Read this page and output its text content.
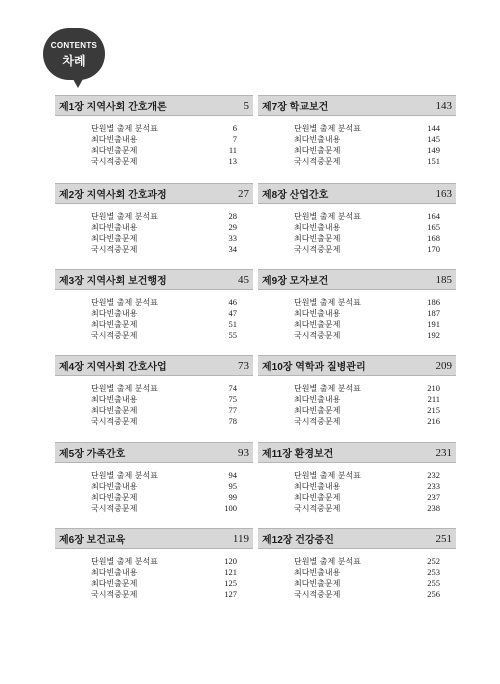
CONTENTS
차례
제1장 지역사회 간호개론	5
단원별 출제 분석표	6
최다빈출내용	7
최다빈출문제	11
국시적중문제	13
제2장 지역사회 간호과정	27
단원별 출제 분석표	28
최다빈출내용	29
최다빈출문제	33
국시적중문제	34
제3장 지역사회 보건행정	45
단원별 출제 분석표	46
최다빈출내용	47
최다빈출문제	51
국시적중문제	55
제4장 지역사회 간호사업	73
단원별 출제 분석표	74
최다빈출내용	75
최다빈출문제	77
국시적중문제	78
제5장 가족간호	93
단원별 출제 분석표	94
최다빈출내용	95
최다빈출문제	99
국시적중문제	100
제6장 보건교육	119
단원별 출제 분석표	120
최다빈출내용	121
최다빈출문제	125
국시적중문제	127
제7장 학교보건	143
단원별 출제 분석표	144
최다빈출내용	145
최다빈출문제	149
국시적중문제	151
제8장 산업간호	163
단원별 출제 분석표	164
최다빈출내용	165
최다빈출문제	168
국시적중문제	170
제9장 모자보건	185
단원별 출제 분석표	186
최다빈출내용	187
최다빈출문제	191
국시적중문제	192
제10장 역학과 질병관리	209
단원별 출제 분석표	210
최다빈출내용	211
최다빈출문제	215
국시적중문제	216
제11장 환경보건	231
단원별 출제 분석표	232
최다빈출내용	233
최다빈출문제	237
국시적중문제	238
제12장 건강증진	251
단원별 출제 분석표	252
최다빈출내용	253
최다빈출문제	255
국시적중문제	256
